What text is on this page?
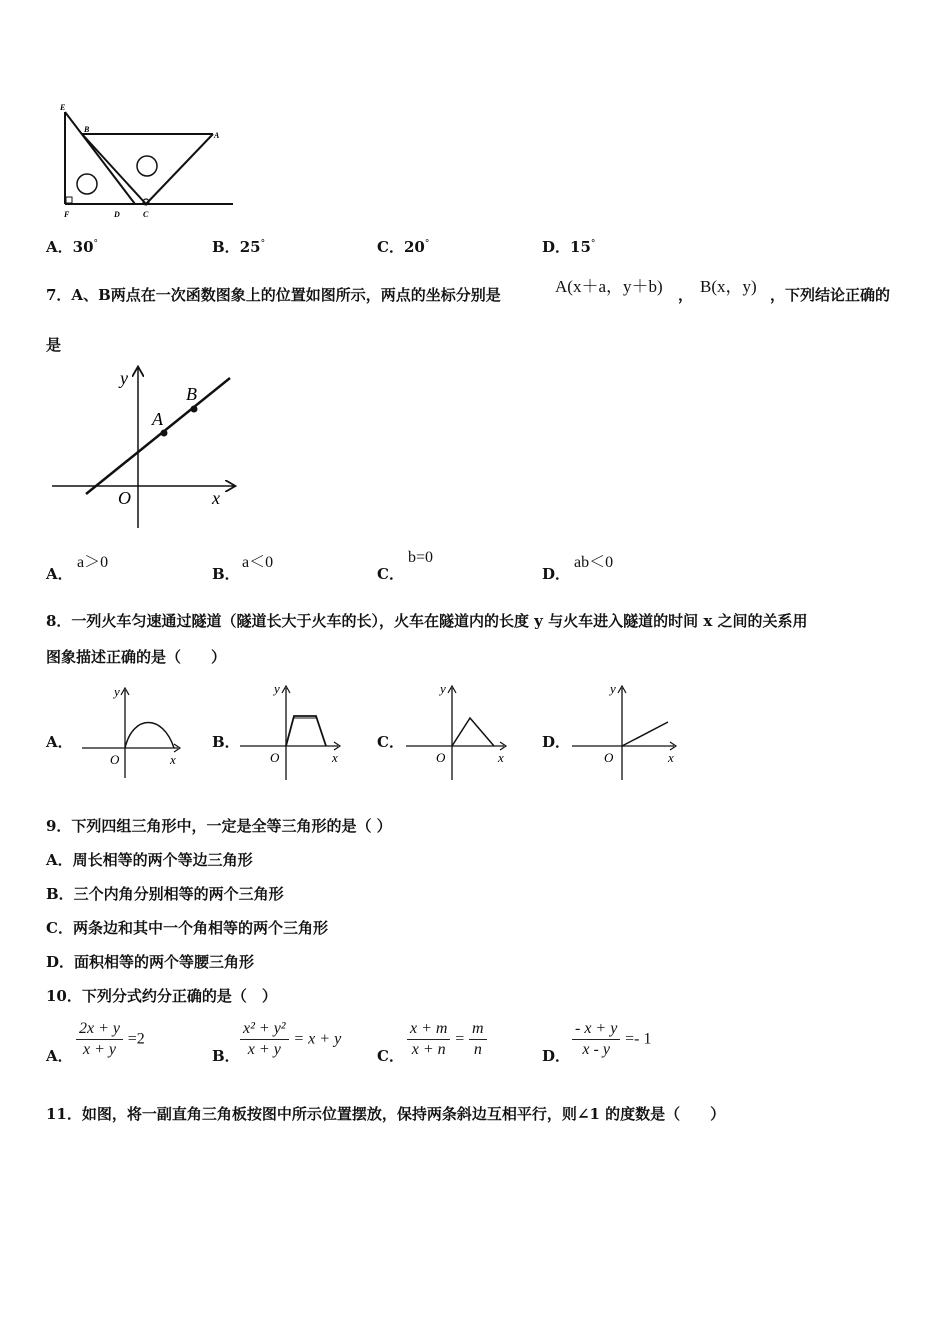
E
B
A
F	D	C
A．30°	B．25°	C．20°	D．15°
7．A、B两点在一次函数图象上的位置如图所示，两点的坐标分别是	A(x＋a，y＋b) ， B(x，y) ，下列结论正确的
是
y
x
O
A
B
A．
a＞0
B．
a＜0
C．
b=0
D．
ab＜0
8．一列火车匀速通过隧道（隧道长大于火车的长），火车在隧道内的长度 y 与火车进入隧道的时间 x 之间的关系用
图象描述正确的是（　　）
A．
y
O	x
B．
y
O	x
C．
y
O	x
D．
y
O	x
9．下列四组三角形中，一定是全等三角形的是（ ）
A．周长相等的两个等边三角形
B．三个内角分别相等的两个三角形
C．两条边和其中一个角相等的两个三角形
D．面积相等的两个等腰三角形
10．下列分式约分正确的是（　）
A． $\frac{2x + y}{x + y} =2$
B． $\frac{\text{x² + y²}}{x + y} = x + y$
C． $\frac{x + m}{x + n} = \frac{m}{n}$	D． $\frac{- x + y}{x - y} =- 1$
11．如图，将一副直角三角板按图中所示位置摆放，保持两条斜边互相平行，则∠1 的度数是（　　）
